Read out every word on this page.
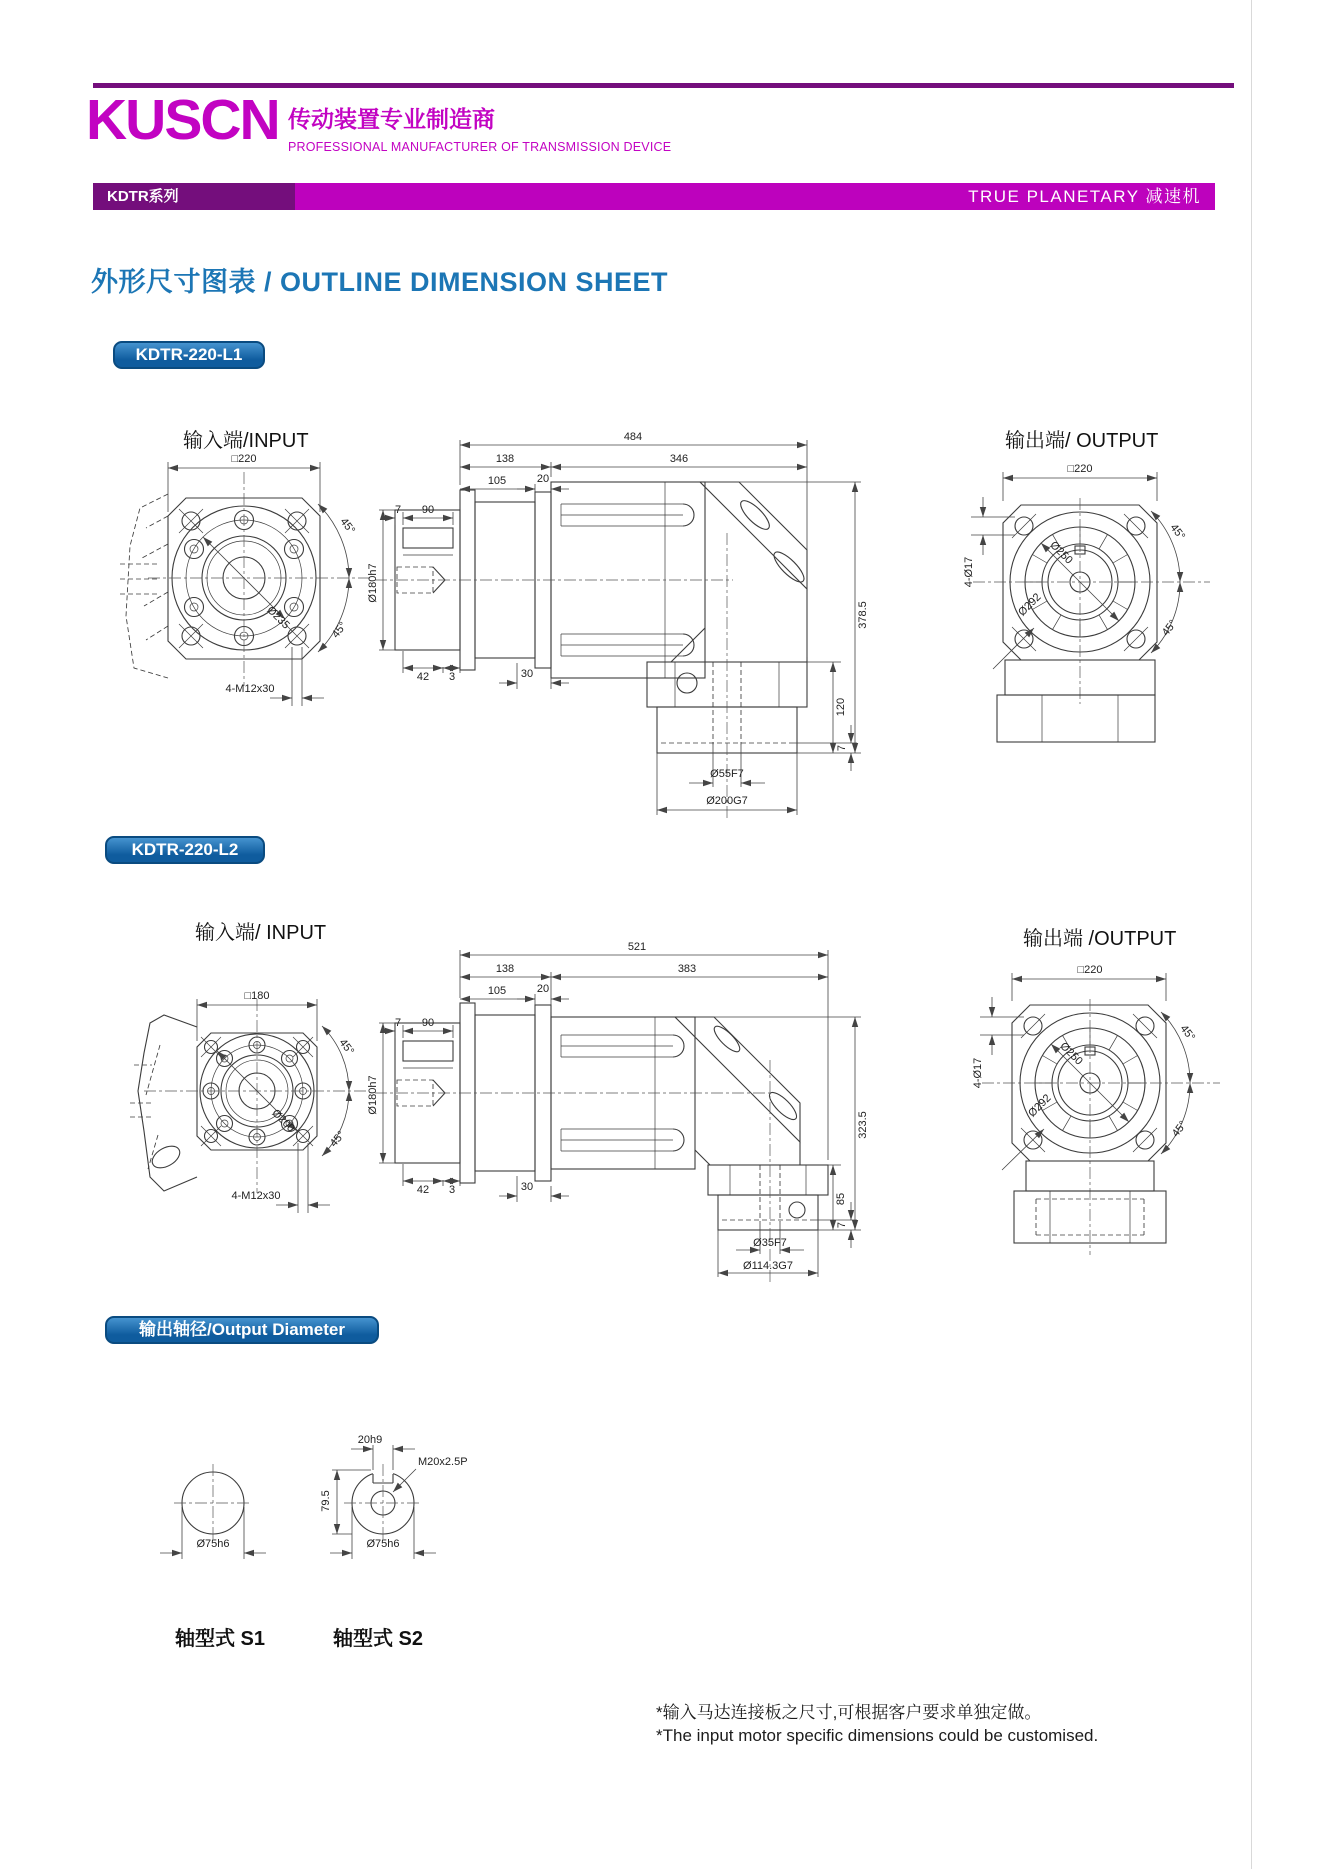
KUSCN 传动装置专业制造商
PROFESSIONAL MANUFACTURER OF TRANSMISSION DEVICE
KDTR系列	TRUE PLANETARY 减速机
外形尺寸图表 / OUTLINE DIMENSION SHEET
KDTR-220-L1
输入端/INPUT	输出端/ OUTPUT
□220
45°
45°
Ø235
4-M12x30
484
138	346
105	20
7 90
Ø180h7
42 3	30
378.5
120
7
Ø55F7
Ø200G7
□220
4-Ø17
Ø250
Ø292
45°
45°
KDTR-220-L2
输入端/ INPUT	输出端 /OUTPUT
□180
45°
45°
Ø200
4-M12x30
521
138	383
105	20
7 90
Ø180h7
42 3	30
323.5
85
7
Ø35F7
Ø114.3G7
□220
4-Ø17
Ø250
Ø292
45°
45°
输出轴径/Output Diameter
Ø75h6
20h9
79.5
M20x2.5P
Ø75h6
轴型式 S1	轴型式 S2
*输入马达连接板之尺寸,可根据客户要求单独定做。
*The input motor specific dimensions could be customised.
